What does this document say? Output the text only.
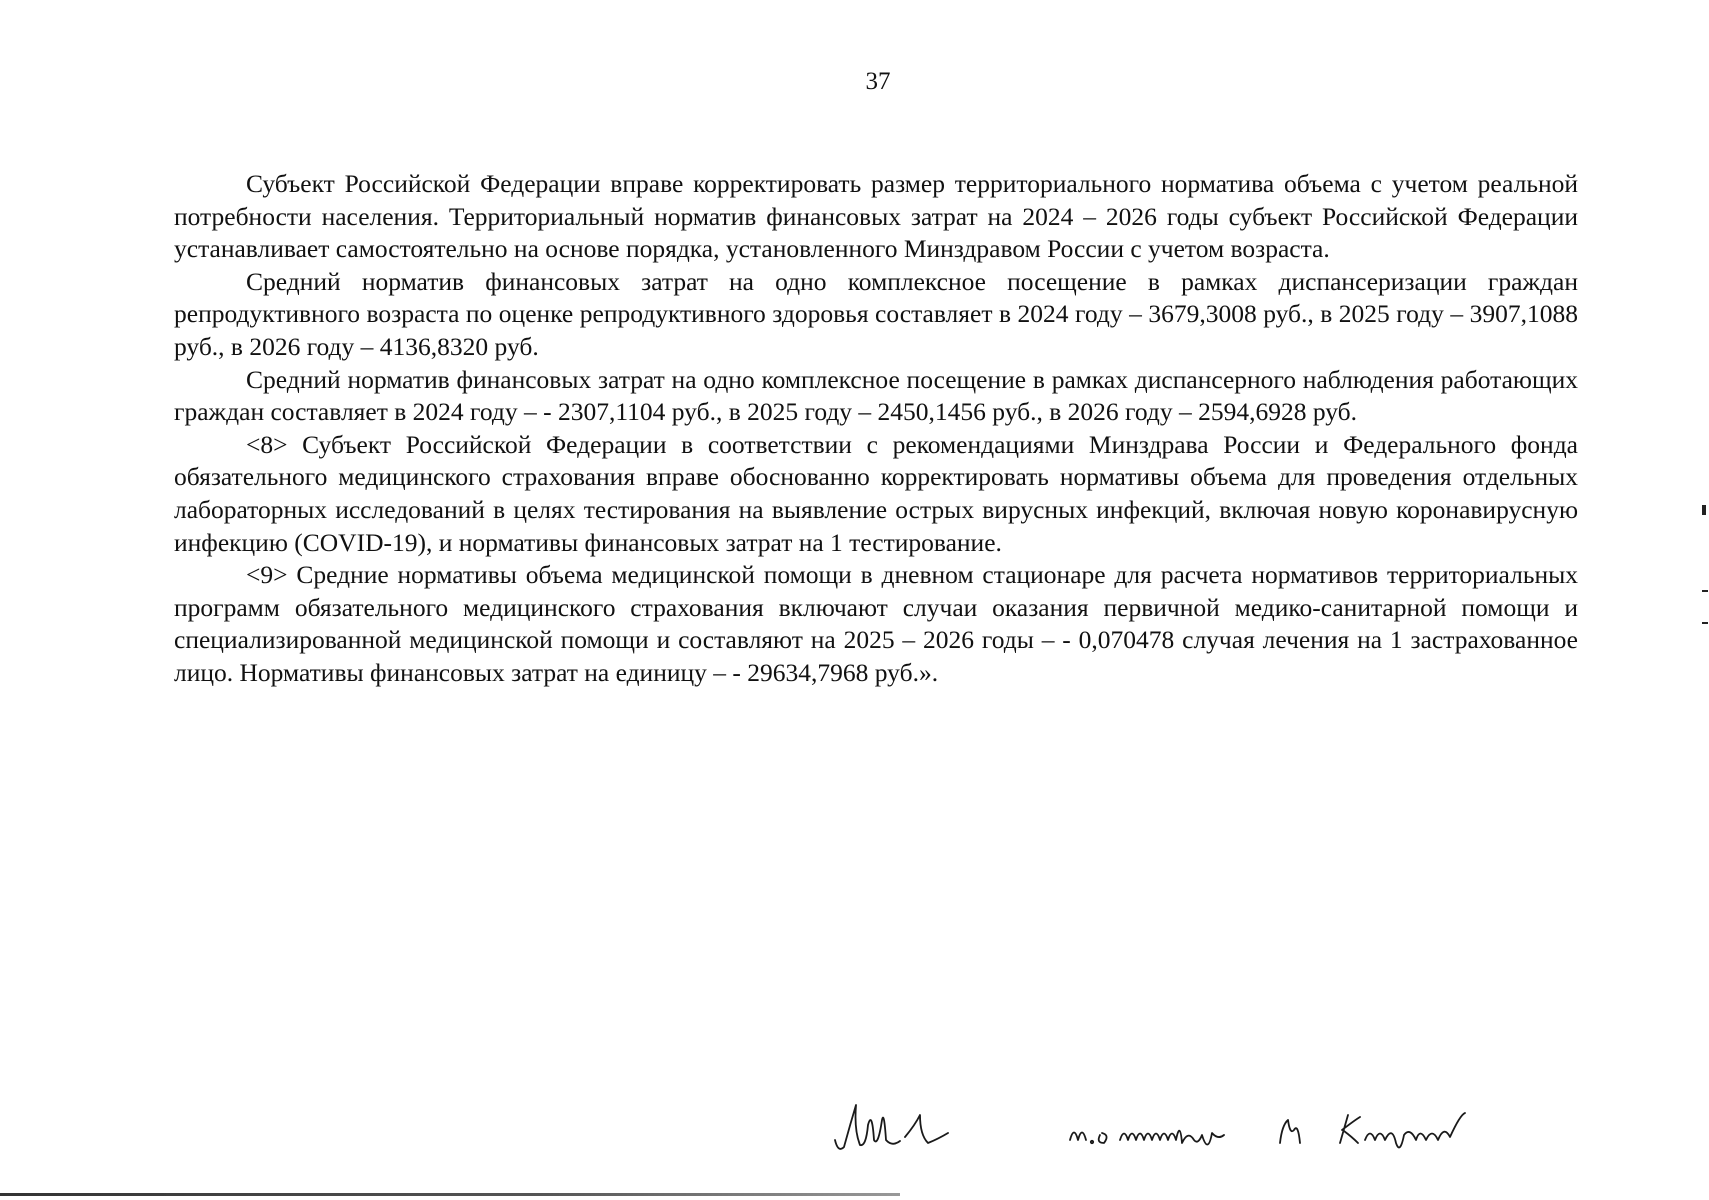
37

Субъект Российской Федерации вправе корректировать размер территориального норматива объема с учетом реальной потребности населения. Территориальный норматив финансовых затрат на 2024 – 2026 годы субъект Российской Федерации устанавливает самостоятельно на основе порядка, установленного Минздравом России с учетом возраста.

Средний норматив финансовых затрат на одно комплексное посещение в рамках диспансеризации граждан репродуктивного возраста по оценке репродуктивного здоровья составляет в 2024 году – 3679,3008 руб., в 2025 году – 3907,1088 руб., в 2026 году – 4136,8320 руб.

Средний норматив финансовых затрат на одно комплексное посещение в рамках диспансерного наблюдения работающих граждан составляет в 2024 году – - 2307,1104 руб., в 2025 году – 2450,1456 руб., в 2026 году – 2594,6928 руб.

<8> Субъект Российской Федерации в соответствии с рекомендациями Минздрава России и Федерального фонда обязательного медицинского страхования вправе обоснованно корректировать нормативы объема для проведения отдельных лабораторных исследований в целях тестирования на выявление острых вирусных инфекций, включая новую коронавирусную инфекцию (COVID-19), и нормативы финансовых затрат на 1 тестирование.

<9> Средние нормативы объема медицинской помощи в дневном стационаре для расчета нормативов территориальных программ обязательного медицинского страхования включают случаи оказания первичной медико-санитарной помощи и специализированной медицинской помощи и составляют на 2025 – 2026 годы – - 0,070478 случая лечения на 1 застрахованное лицо. Нормативы финансовых затрат на единицу – - 29634,7968 руб.».
